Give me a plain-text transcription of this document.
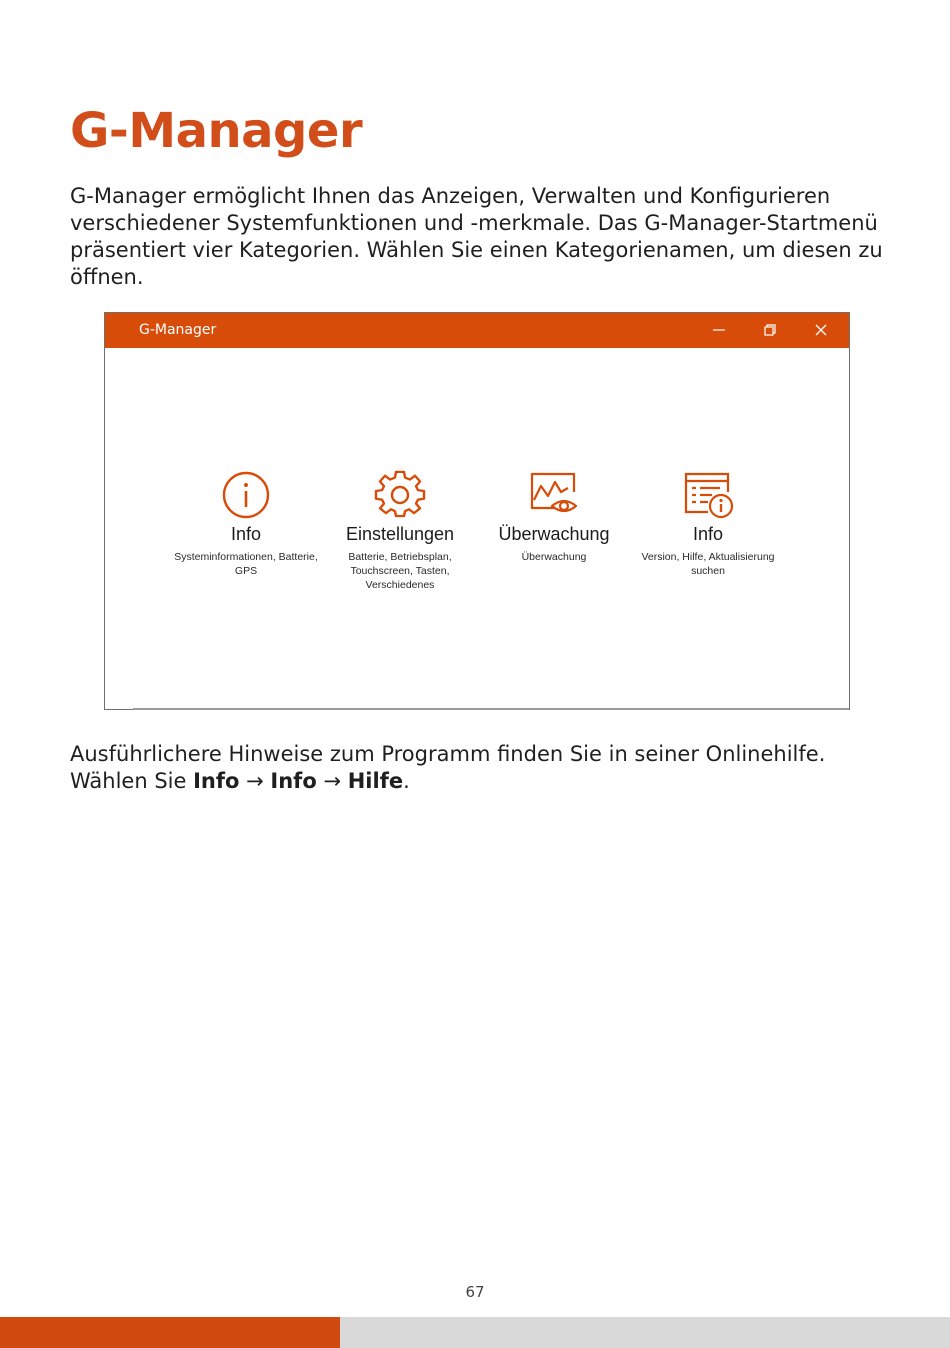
G-Manager

G-Manager ermöglicht Ihnen das Anzeigen, Verwalten und Konfigurieren verschiedener Systemfunktionen und -merkmale. Das G-Manager-Startmenü präsentiert vier Kategorien. Wählen Sie einen Kategorienamen, um diesen zu öffnen.

G-Manager
Info
Systeminformationen, Batterie, GPS
Einstellungen
Batterie, Betriebsplan, Touchscreen, Tasten, Verschiedenes
Überwachung
Überwachung
Info
Version, Hilfe, Aktualisierung suchen

Ausführlichere Hinweise zum Programm finden Sie in seiner Onlinehilfe.
Wählen Sie Info → Info → Hilfe.

67
